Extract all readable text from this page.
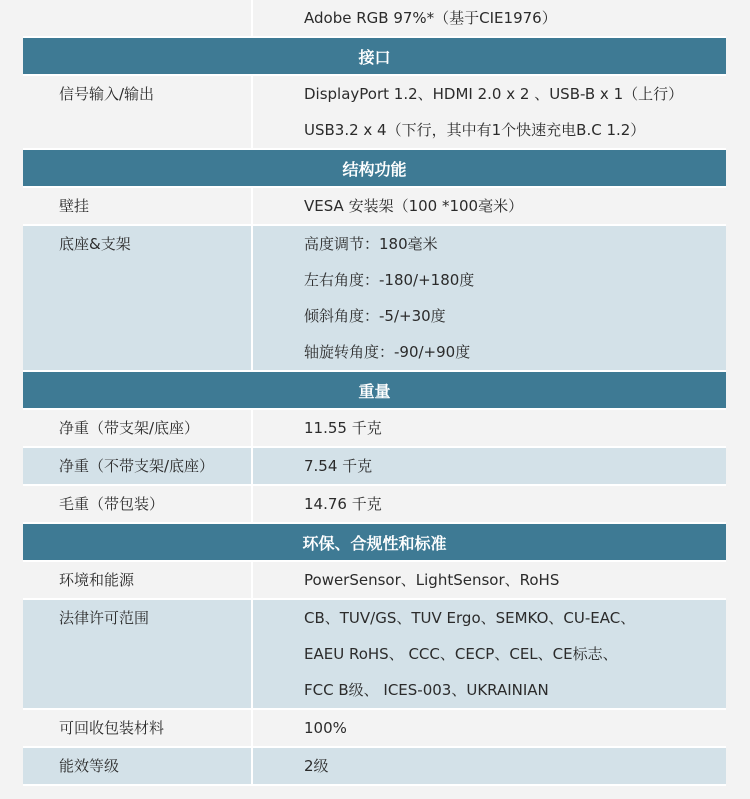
Adobe RGB 97%*（基于CIE1976）
接口
信号输入/输出	DisplayPort 1.2、HDMI 2.0 x 2 、USB-B x 1（上行）
USB3.2 x 4（下行，其中有1个快速充电B.C 1.2）
结构功能
壁挂	VESA 安装架（100 *100毫米）
底座&支架	高度调节：180毫米
左右角度：-180/+180度
倾斜角度：-5/+30度
轴旋转角度：-90/+90度
重量
净重（带支架/底座）	11.55 千克
净重（不带支架/底座）	7.54 千克
毛重（带包装）	14.76 千克
环保、合规性和标准
环境和能源	PowerSensor、LightSensor、RoHS
法律许可范围	CB、TUV/GS、TUV Ergo、SEMKO、CU-EAC、
EAEU RoHS、 CCC、CECP、CEL、CE标志、
FCC B级、 ICES-003、UKRAINIAN
可回收包装材料	100%
能效等级	2级
